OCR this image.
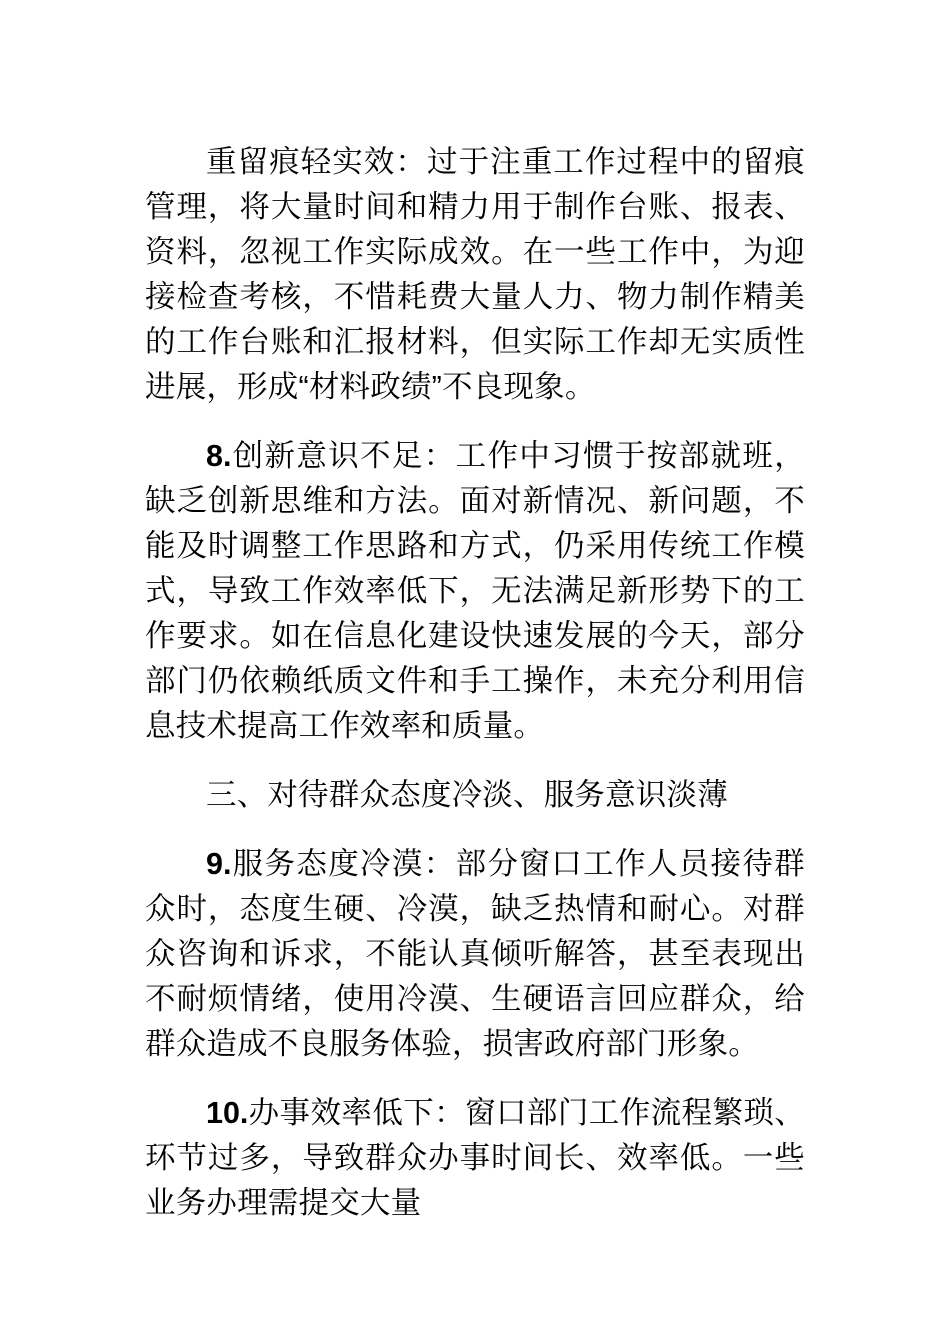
重留痕轻实效：过于注重工作过程中的留痕管理，将大量时间和精力用于制作台账、报表、资料，忽视工作实际成效。在一些工作中，为迎接检查考核，不惜耗费大量人力、物力制作精美的工作台账和汇报材料，但实际工作却无实质性进展，形成“材料政绩”不良现象。

8.创新意识不足：工作中习惯于按部就班，缺乏创新思维和方法。面对新情况、新问题，不能及时调整工作思路和方式，仍采用传统工作模式，导致工作效率低下，无法满足新形势下的工作要求。如在信息化建设快速发展的今天，部分部门仍依赖纸质文件和手工操作，未充分利用信息技术提高工作效率和质量。

三、对待群众态度冷淡、服务意识淡薄

9.服务态度冷漠：部分窗口工作人员接待群众时，态度生硬、冷漠，缺乏热情和耐心。对群众咨询和诉求，不能认真倾听解答，甚至表现出不耐烦情绪，使用冷漠、生硬语言回应群众，给群众造成不良服务体验，损害政府部门形象。

10.办事效率低下：窗口部门工作流程繁琐、环节过多，导致群众办事时间长、效率低。一些业务办理需提交大量
